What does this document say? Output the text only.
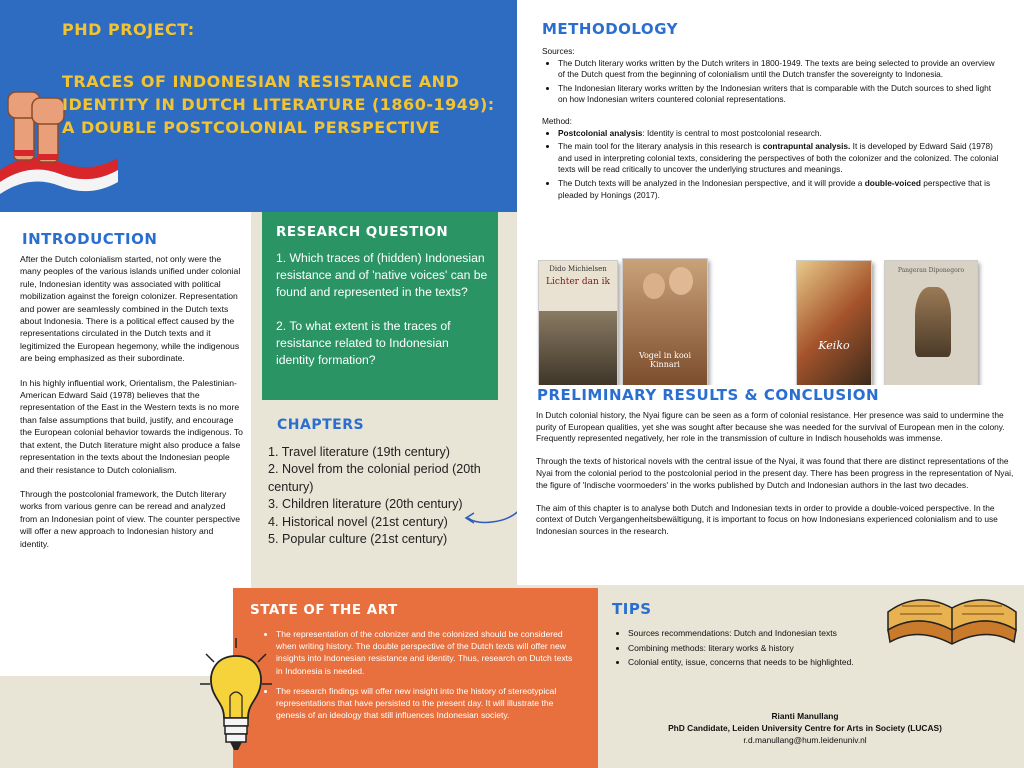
PHD PROJECT:
TRACES OF INDONESIAN RESISTANCE AND IDENTITY IN DUTCH LITERATURE (1860-1949): A DOUBLE POSTCOLONIAL PERSPECTIVE
INTRODUCTION

After the Dutch colonialism started, not only were the many peoples of the various islands unified under colonial rule, Indonesian identity was associated with political mobilization against the foreign colonizer. Representation and power are seamlessly combined in the Dutch texts about Indonesia. There is a political effect caused by the representations circulated in the Dutch texts and it legitimized the European hegemony, while the indigenous are being emphasized as their subordinate.

In his highly influential work, Orientalism, the Palestinian-American Edward Said (1978) believes that the representation of the East in the Western texts is no more than false assumptions that build, justify, and encourage the European colonial behavior towards the indigenous. To that extent, the Dutch literature might also produce a false representation in the texts about the Indonesian people and their resistance to Dutch colonialism.

Through the postcolonial framework, the Dutch literary works from various genre can be reread and analyzed from an Indonesian point of view. The counter perspective will offer a new approach to Indonesian history and identity.

RESEARCH QUESTION

1. Which traces of (hidden) Indonesian resistance and of 'native voices' can be found and represented in the texts?

2. To what extent is the traces of resistance related to Indonesian identity formation?

CHAPTERS
1. Travel literature (19th century)
2. Novel from the colonial period (20th century)
3. Children literature (20th century)
4. Historical novel (21st century)
5. Popular culture (21st century)
METHODOLOGY
Sources:
• The Dutch literary works written by the Dutch writers in 1800-1949. The texts are being selected to provide an overview of the Dutch quest from the beginning of colonialism until the Dutch transfer the sovereignty to Indonesia.
• The Indonesian literary works written by the Indonesian writers that is comparable with the Dutch sources to shed light on how Indonesian writers countered colonial representations.
Method:
• Postcolonial analysis: Identity is central to most postcolonial research.
• The main tool for the literary analysis in this research is contrapuntal analysis. It is developed by Edward Said (1978) and used in interpreting colonial texts, considering the perspectives of both the colonizer and the colonized. The colonial texts will be read critically to uncover the underlying structures and meanings.
• The Dutch texts will be analyzed in the Indonesian perspective, and it will provide a double-voiced perspective that is pleaded by Honings (2017).
Dido Michielsen
Lichter dan ik
Vogel in kooi Kinnari
Keiko
Pangeran Diponegoro
PRELIMINARY RESULTS & CONCLUSION

In Dutch colonial history, the Nyai figure can be seen as a form of colonial resistance. Her presence was said to undermine the purity of European qualities, yet she was sought after because she was needed for the survival of European men in the colony. Frequently represented negatively, her role in the transmission of culture in Indisch households was immense.

Through the texts of historical novels with the central issue of the Nyai, it was found that there are distinct representations of the Nyai from the colonial period to the postcolonial period in the present day. There has been progress in the representation of Nyai, the figure of 'Indische voormoeders' in the works published by Dutch and Indonesian authors in the last two decades.

The aim of this chapter is to analyse both Dutch and Indonesian texts in order to provide a double-voiced perspective. In the context of Dutch Vergangenheitsbewältigung, it is important to focus on how Indonesians experienced colonialism and to use Indonesian sources in the research.

STATE OF THE ART
• The representation of the colonizer and the colonized should be considered when writing history. The double perspective of the Dutch texts will offer new insights into Indonesian resistance and identity. Thus, research on Dutch texts in Indonesia is needed.
• The research findings will offer new insight into the history of stereotypical representations that have persisted to the present day. It will illustrate the genesis of an ideology that still influences Indonesian society.
TIPS
• Sources recommendations: Dutch and Indonesian texts
• Combining methods: literary works & history
• Colonial entity, issue, concerns that needs to be highlighted.
Rianti Manullang
PhD Candidate, Leiden University Centre for Arts in Society (LUCAS)
r.d.manullang@hum.leidenuniv.nl
